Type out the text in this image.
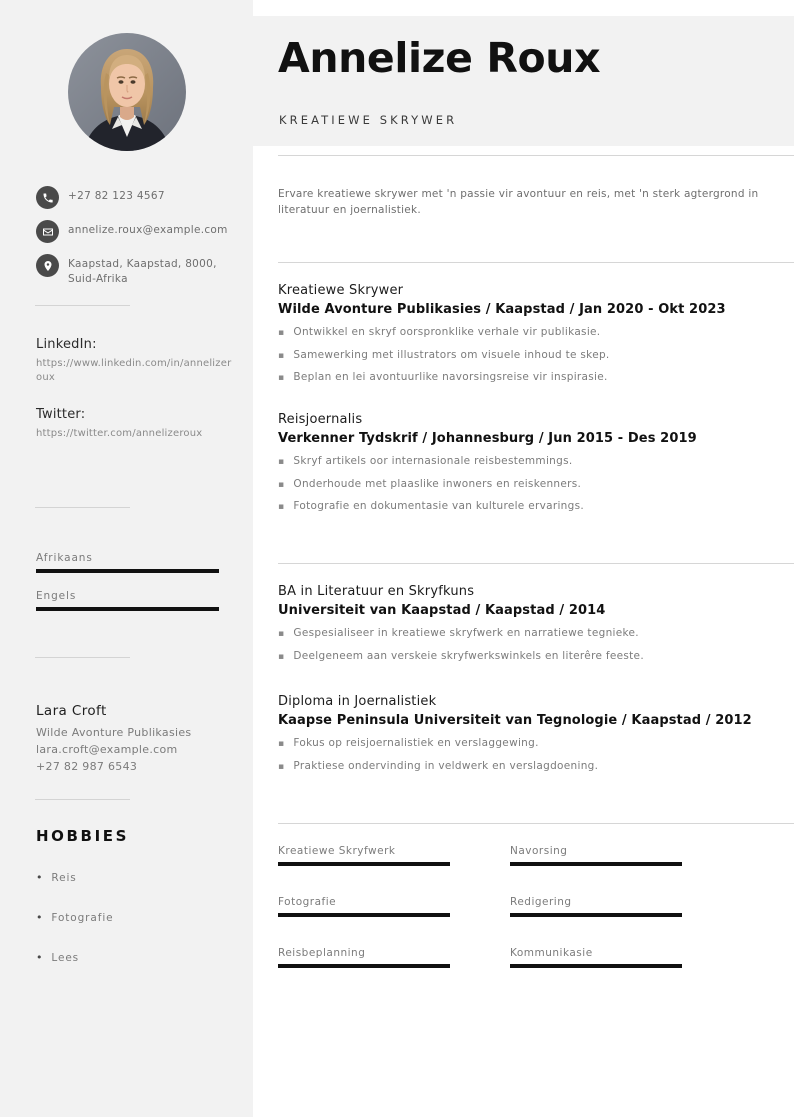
+27 82 123 4567
annelize.roux@example.com
Kaapstad, Kaapstad, 8000, Suid-Afrika
LinkedIn:
https://www.linkedin.com/in/annelizeroux
Twitter:
https://twitter.com/annelizeroux
Afrikaans
Engels
Lara Croft
Wilde Avonture Publikasies
lara.croft@example.com
+27 82 987 6543
HOBBIES
• Reis
• Fotografie
• Lees
Annelize Roux
KREATIEWE SKRYWER
Ervare kreatiewe skrywer met 'n passie vir avontuur en reis, met 'n sterk agtergrond in literatuur en joernalistiek.
Kreatiewe Skrywer
Wilde Avonture Publikasies / Kaapstad / Jan 2020 - Okt 2023
▪ Ontwikkel en skryf oorspronklike verhale vir publikasie.
▪ Samewerking met illustrators om visuele inhoud te skep.
▪ Beplan en lei avontuurlike navorsingsreise vir inspirasie.
Reisjoernalis
Verkenner Tydskrif / Johannesburg / Jun 2015 - Des 2019
▪ Skryf artikels oor internasionale reisbestemmings.
▪ Onderhoude met plaaslike inwoners en reiskenners.
▪ Fotografie en dokumentasie van kulturele ervarings.
BA in Literatuur en Skryfkuns
Universiteit van Kaapstad / Kaapstad / 2014
▪ Gespesialiseer in kreatiewe skryfwerk en narratiewe tegnieke.
▪ Deelgeneem aan verskeie skryfwerkswinkels en literêre feeste.
Diploma in Joernalistiek
Kaapse Peninsula Universiteit van Tegnologie / Kaapstad / 2012
▪ Fokus op reisjoernalistiek en verslaggewing.
▪ Praktiese ondervinding in veldwerk en verslagdoening.
Kreatiewe Skryfwerk	Navorsing
Fotografie	Redigering
Reisbeplanning	Kommunikasie
